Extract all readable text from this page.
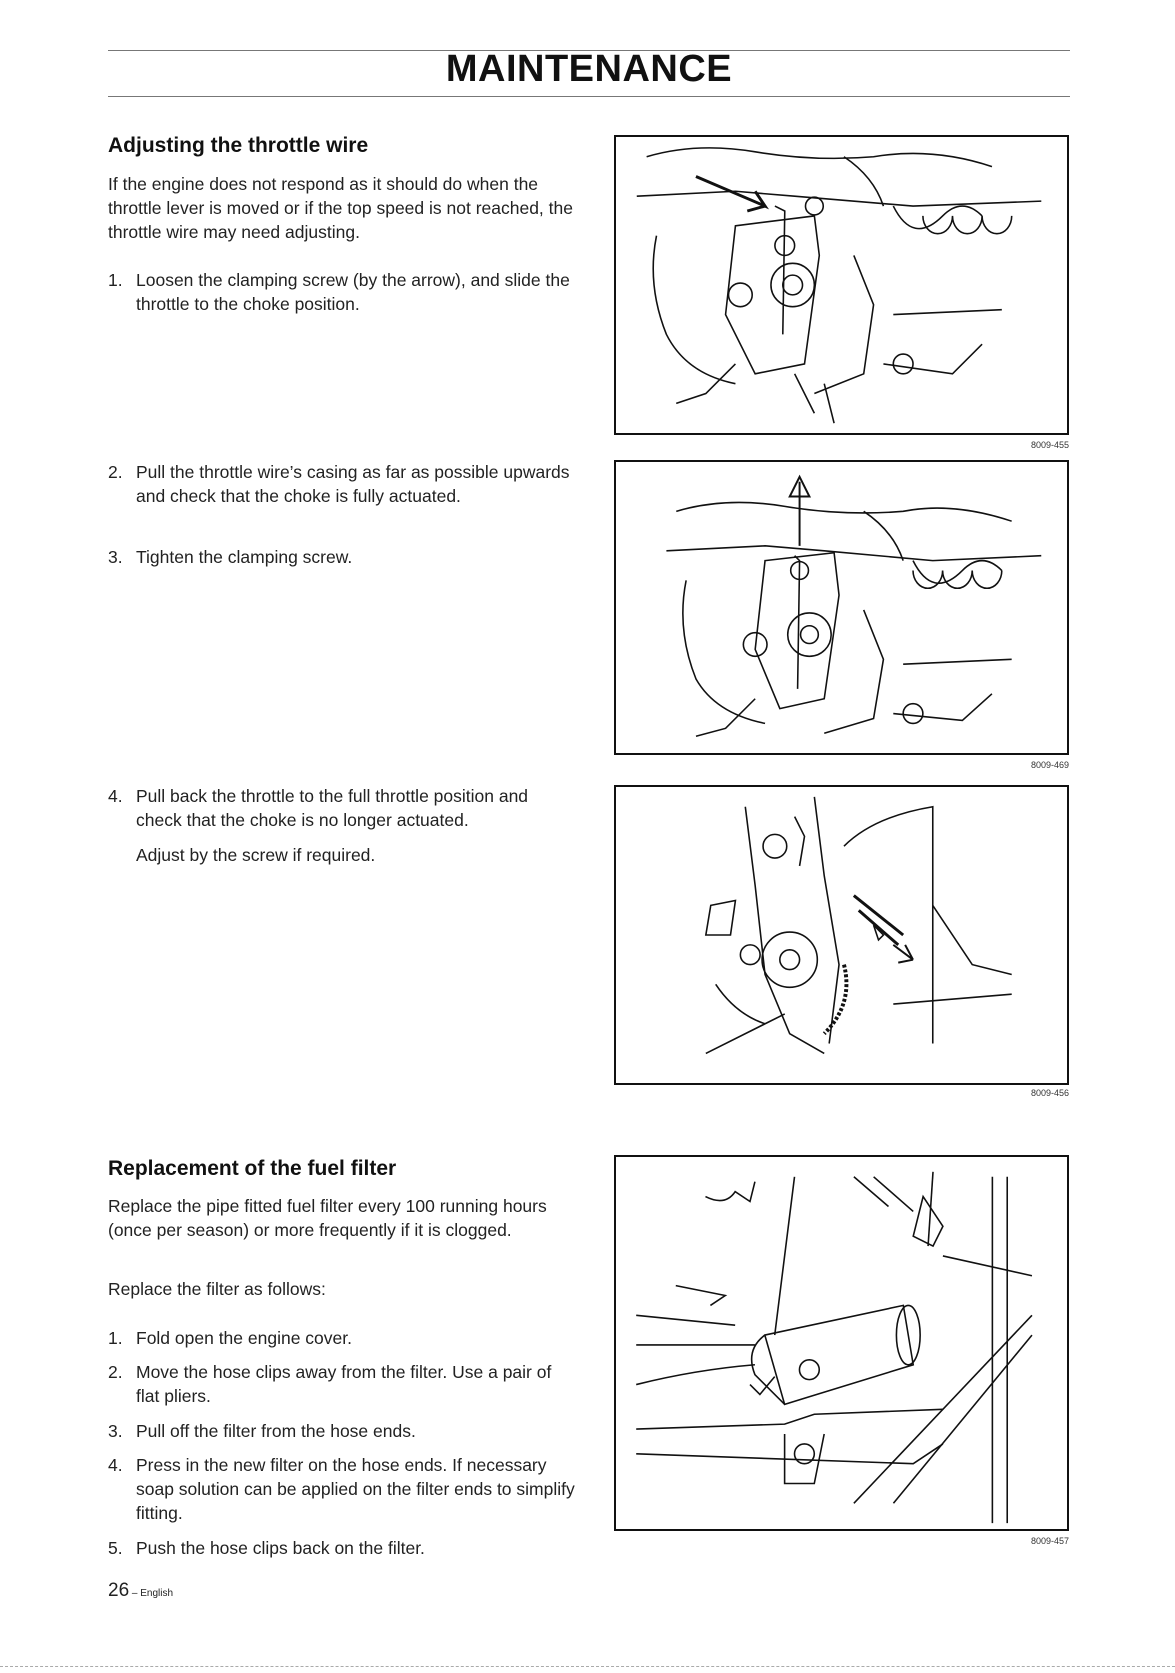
MAINTENANCE
Adjusting the throttle wire
If the engine does not respond as it should do when the throttle lever is moved or if the top speed is not reached, the throttle wire may need adjusting.
1. Loosen the clamping screw (by the arrow), and slide the throttle to the choke position.
2. Pull the throttle wire’s casing as far as possible upwards and check that the choke is fully actuated.
3. Tighten the clamping screw.
4. Pull back the throttle to the full throttle position and check that the choke is no longer actuated.
Adjust by the screw if required.
Replacement of the fuel filter
Replace the pipe fitted fuel filter every 100 running hours (once per season) or more frequently if it is clogged.
Replace the filter as follows:
1. Fold open the engine cover.
2. Move the hose clips away from the filter. Use a pair of flat pliers.
3. Pull off the filter from the hose ends.
4. Press in the new filter on the hose ends. If necessary soap solution can be applied on the filter ends to simplify fitting.
5. Push the hose clips back on the filter.
8009-455
8009-469
8009-456
8009-457
26 – English
